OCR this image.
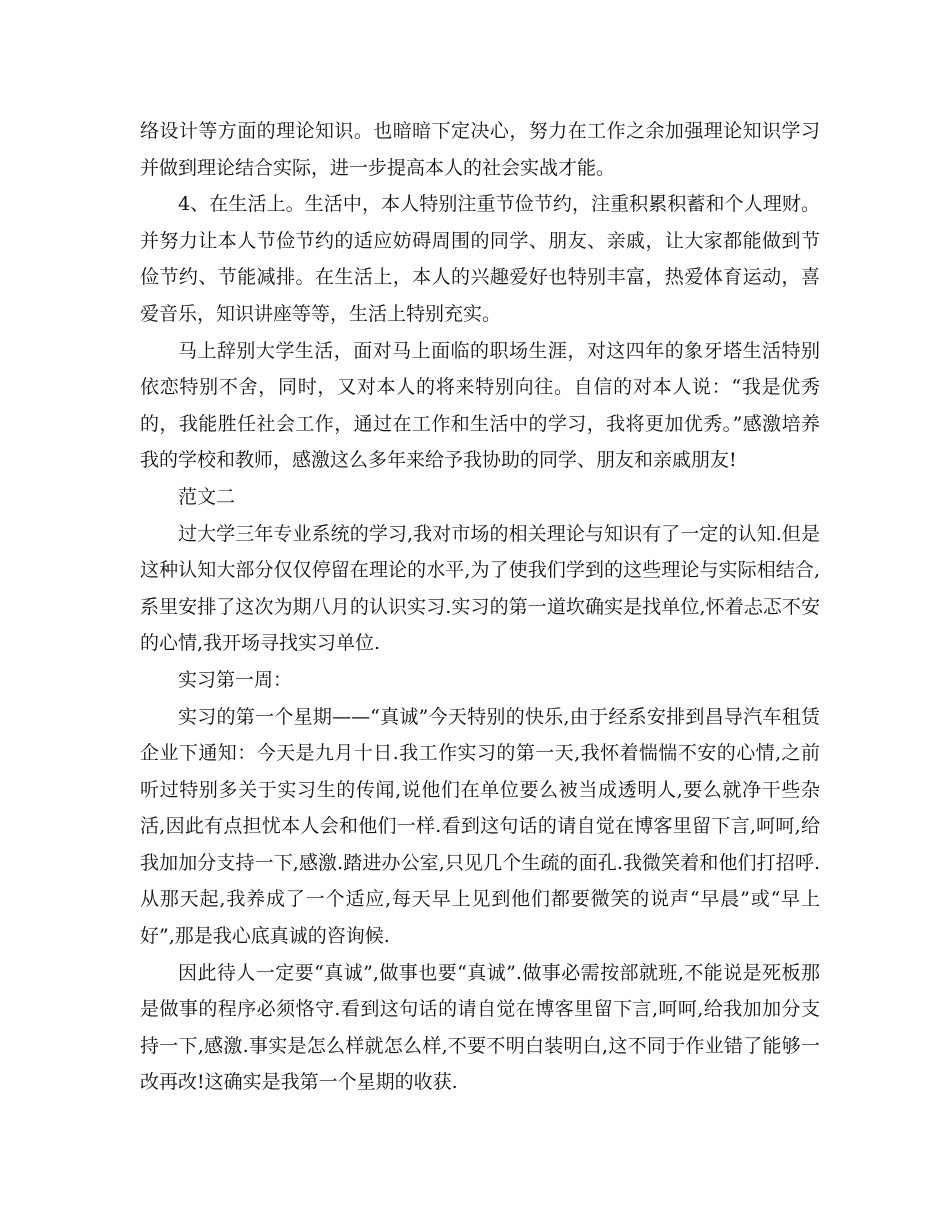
络设计等方面的理论知识。也暗暗下定决心，努力在工作之余加强理论知识学习并做到理论结合实际，进一步提高本人的社会实战才能。

4、在生活上。生活中，本人特别注重节俭节约，注重积累积蓄和个人理财。并努力让本人节俭节约的适应妨碍周围的同学、朋友、亲戚，让大家都能做到节俭节约、节能减排。在生活上，本人的兴趣爱好也特别丰富，热爱体育运动，喜爱音乐，知识讲座等等，生活上特别充实。

马上辞别大学生活，面对马上面临的职场生涯，对这四年的象牙塔生活特别依恋特别不舍，同时，又对本人的将来特别向往。自信的对本人说：“我是优秀的，我能胜任社会工作，通过在工作和生活中的学习，我将更加优秀。”感激培养我的学校和教师，感激这么多年来给予我协助的同学、朋友和亲戚朋友!

范文二

过大学三年专业系统的学习,我对市场的相关理论与知识有了一定的认知.但是这种认知大部分仅仅停留在理论的水平,为了使我们学到的这些理论与实际相结合,系里安排了这次为期八月的认识实习.实习的第一道坎确实是找单位,怀着忐忑不安的心情,我开场寻找实习单位.

实习第一周：

实习的第一个星期——“真诚”今天特别的快乐,由于经系安排到昌导汽车租赁企业下通知：今天是九月十日.我工作实习的第一天,我怀着惴惴不安的心情,之前听过特别多关于实习生的传闻,说他们在单位要么被当成透明人,要么就净干些杂活,因此有点担忧本人会和他们一样.看到这句话的请自觉在博客里留下言,呵呵,给我加加分支持一下,感激.踏进办公室,只见几个生疏的面孔.我微笑着和他们打招呼.从那天起,我养成了一个适应,每天早上见到他们都要微笑的说声“早晨”或“早上好”,那是我心底真诚的咨询候.

因此待人一定要“真诚”,做事也要“真诚”.做事必需按部就班,不能说是死板那是做事的程序必须恪守.看到这句话的请自觉在博客里留下言,呵呵,给我加加分支持一下,感激.事实是怎么样就怎么样,不要不明白装明白,这不同于作业错了能够一改再改!这确实是我第一个星期的收获.
